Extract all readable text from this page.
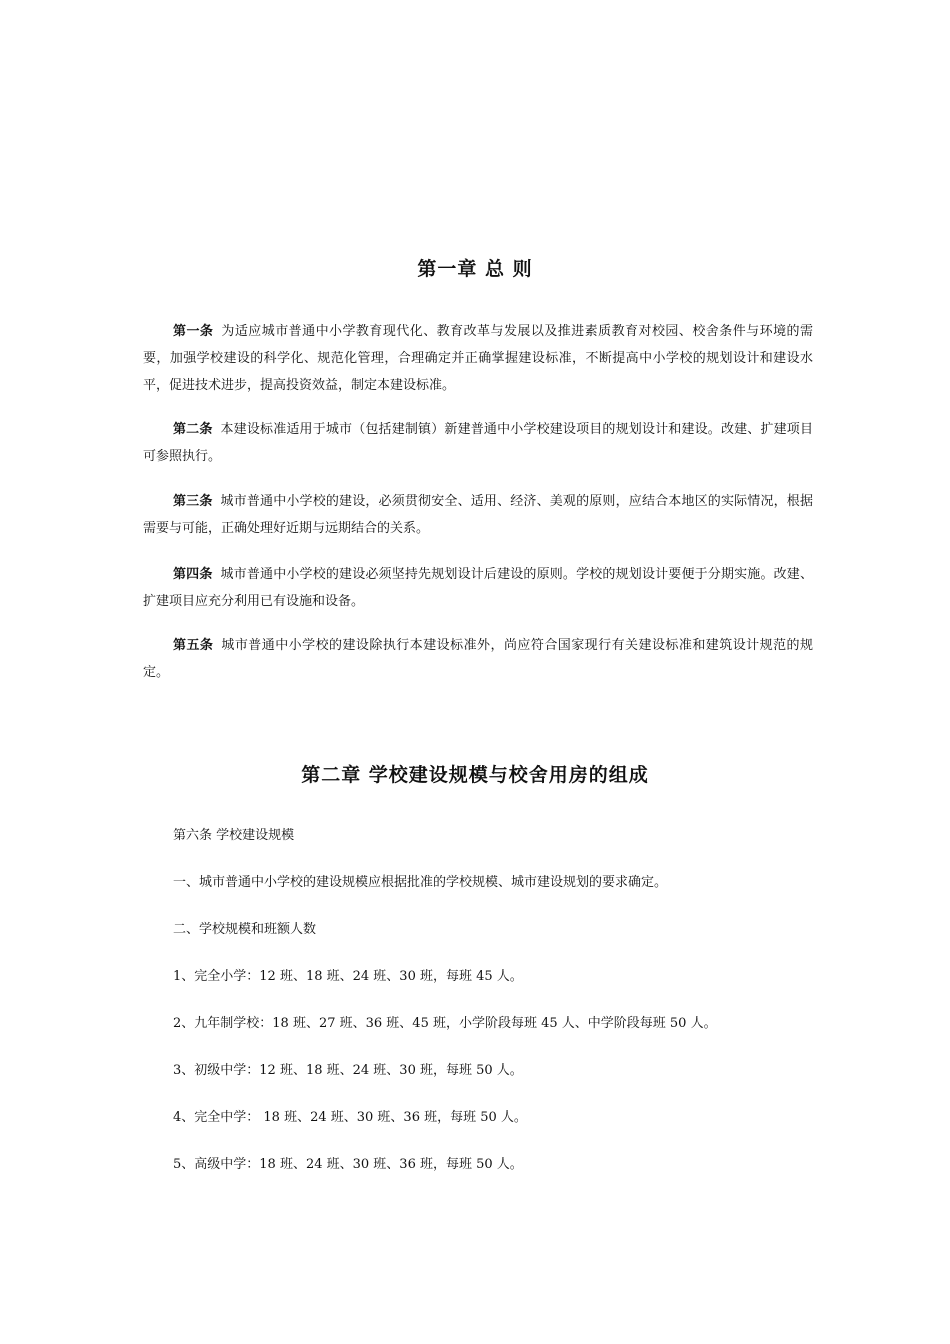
第一章 总 则

第一条 为适应城市普通中小学教育现代化、教育改革与发展以及推进素质教育对校园、校舍条件与环境的需要，加强学校建设的科学化、规范化管理，合理确定并正确掌握建设标准，不断提高中小学校的规划设计和建设水平，促进技术进步，提高投资效益，制定本建设标准。

第二条 本建设标准适用于城市（包括建制镇）新建普通中小学校建设项目的规划设计和建设。改建、扩建项目可参照执行。

第三条 城市普通中小学校的建设，必须贯彻安全、适用、经济、美观的原则，应结合本地区的实际情况，根据需要与可能，正确处理好近期与远期结合的关系。

第四条 城市普通中小学校的建设必须坚持先规划设计后建设的原则。学校的规划设计要便于分期实施。改建、扩建项目应充分利用已有设施和设备。

第五条 城市普通中小学校的建设除执行本建设标准外，尚应符合国家现行有关建设标准和建筑设计规范的规定。

第二章 学校建设规模与校舍用房的组成

第六条 学校建设规模

一、城市普通中小学校的建设规模应根据批准的学校规模、城市建设规划的要求确定。

二、学校规模和班额人数

1、完全小学：12 班、18 班、24 班、30 班，每班 45 人。

2、九年制学校：18 班、27 班、36 班、45 班，小学阶段每班 45 人、中学阶段每班 50 人。

3、初级中学：12 班、18 班、24 班、30 班，每班 50 人。

4、完全中学： 18 班、24 班、30 班、36 班，每班 50 人。

5、高级中学：18 班、24 班、30 班、36 班，每班 50 人。
